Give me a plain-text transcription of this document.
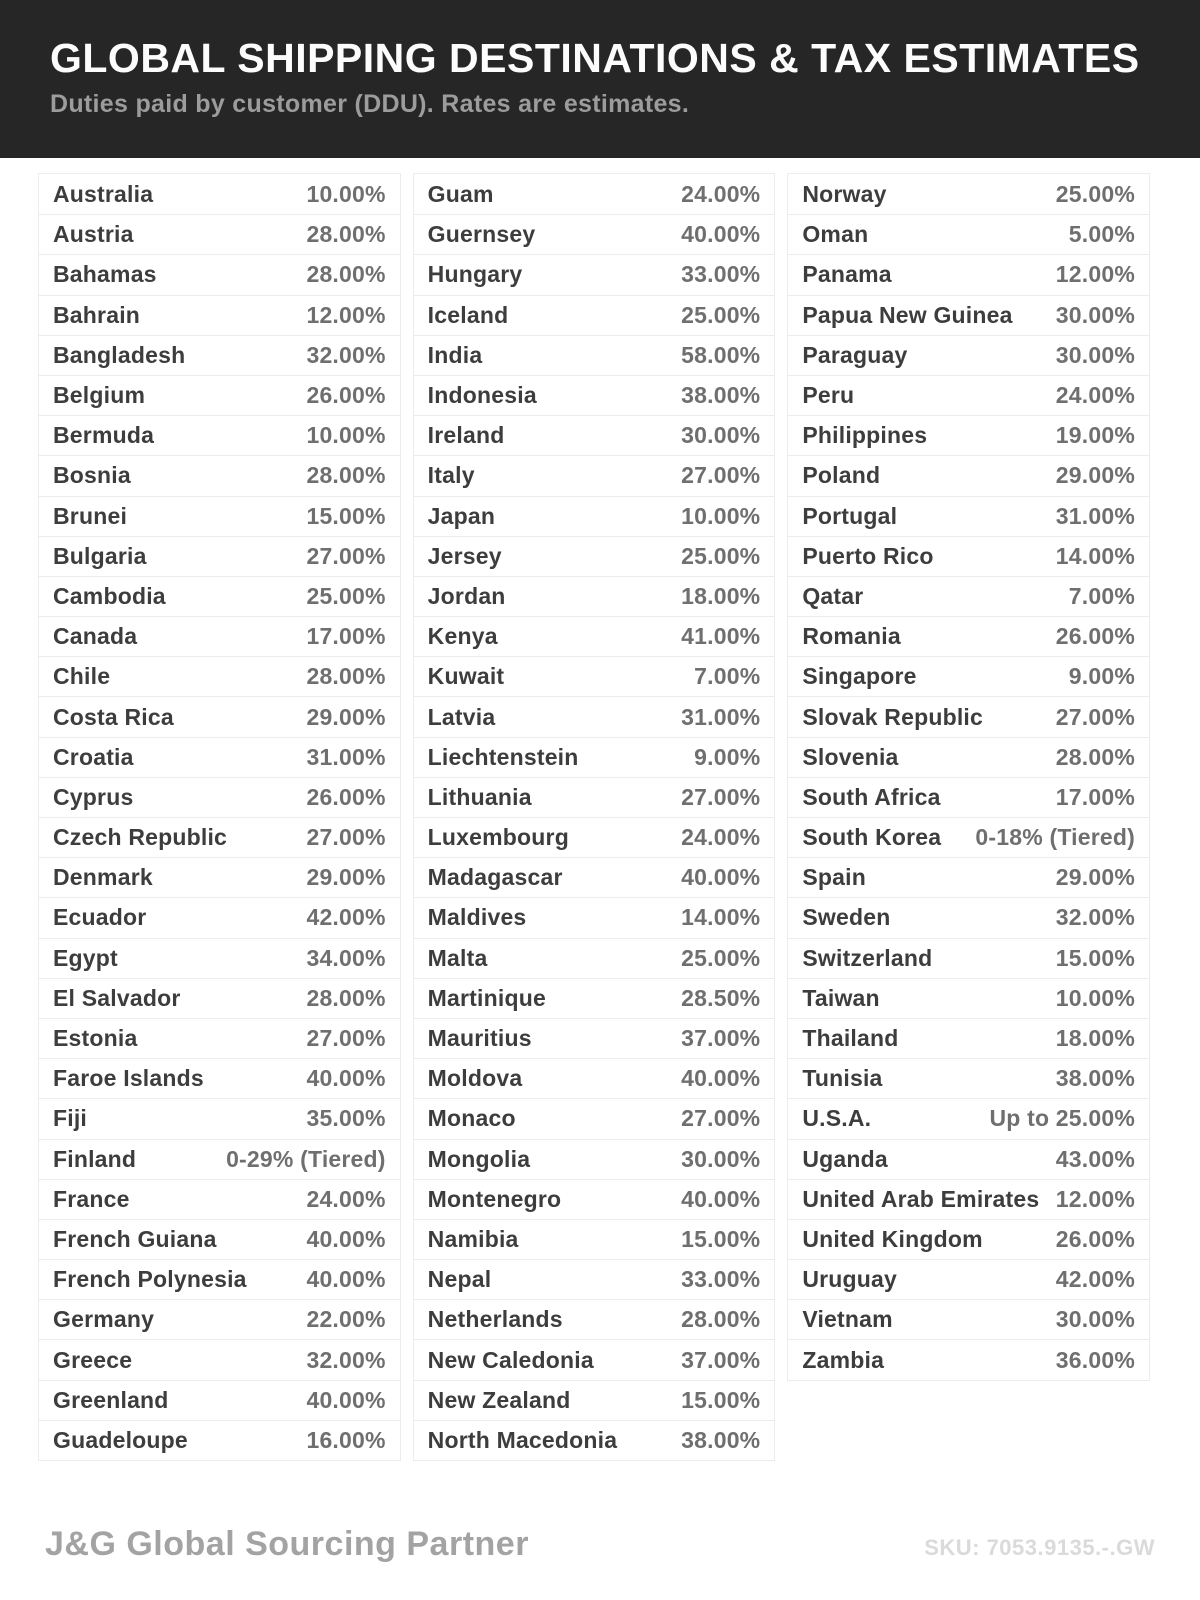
GLOBAL SHIPPING DESTINATIONS & TAX ESTIMATES
Duties paid by customer (DDU). Rates are estimates.
Australia	10.00%
Austria	28.00%
Bahamas	28.00%
Bahrain	12.00%
Bangladesh	32.00%
Belgium	26.00%
Bermuda	10.00%
Bosnia	28.00%
Brunei	15.00%
Bulgaria	27.00%
Cambodia	25.00%
Canada	17.00%
Chile	28.00%
Costa Rica	29.00%
Croatia	31.00%
Cyprus	26.00%
Czech Republic	27.00%
Denmark	29.00%
Ecuador	42.00%
Egypt	34.00%
El Salvador	28.00%
Estonia	27.00%
Faroe Islands	40.00%
Fiji	35.00%
Finland	0-29% (Tiered)
France	24.00%
French Guiana	40.00%
French Polynesia	40.00%
Germany	22.00%
Greece	32.00%
Greenland	40.00%
Guadeloupe	16.00%
Guam	24.00%
Guernsey	40.00%
Hungary	33.00%
Iceland	25.00%
India	58.00%
Indonesia	38.00%
Ireland	30.00%
Italy	27.00%
Japan	10.00%
Jersey	25.00%
Jordan	18.00%
Kenya	41.00%
Kuwait	7.00%
Latvia	31.00%
Liechtenstein	9.00%
Lithuania	27.00%
Luxembourg	24.00%
Madagascar	40.00%
Maldives	14.00%
Malta	25.00%
Martinique	28.50%
Mauritius	37.00%
Moldova	40.00%
Monaco	27.00%
Mongolia	30.00%
Montenegro	40.00%
Namibia	15.00%
Nepal	33.00%
Netherlands	28.00%
New Caledonia	37.00%
New Zealand	15.00%
North Macedonia	38.00%
Norway	25.00%
Oman	5.00%
Panama	12.00%
Papua New Guinea 30.00%
Paraguay	30.00%
Peru	24.00%
Philippines	19.00%
Poland	29.00%
Portugal	31.00%
Puerto Rico	14.00%
Qatar	7.00%
Romania	26.00%
Singapore	9.00%
Slovak Republic	27.00%
Slovenia	28.00%
South Africa	17.00%
South Korea 0-18% (Tiered)
Spain	29.00%
Sweden	32.00%
Switzerland	15.00%
Taiwan	10.00%
Thailand	18.00%
Tunisia	38.00%
U.S.A.	Up to 25.00%
Uganda	43.00%
United Arab Emirates 12.00%
United Kingdom	26.00%
Uruguay	42.00%
Vietnam	30.00%
Zambia	36.00%
J&G Global Sourcing Partner	SKU: 7053.9135.-.GW
